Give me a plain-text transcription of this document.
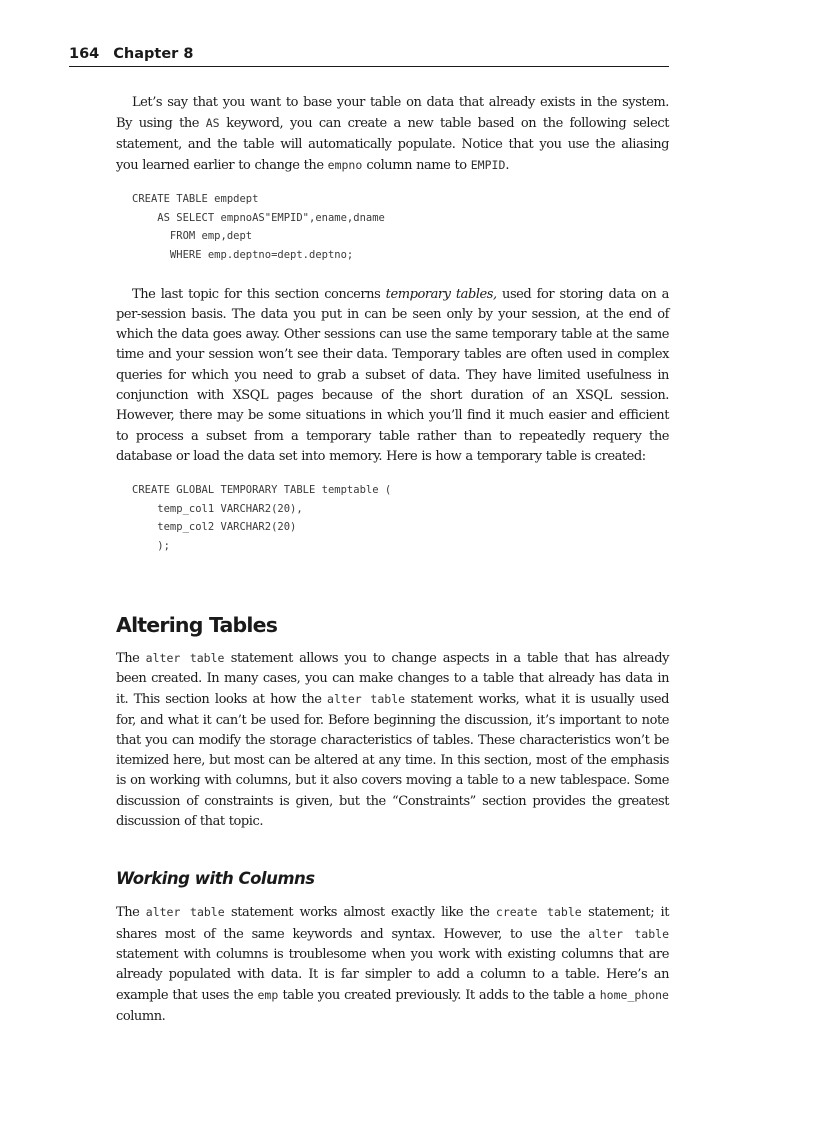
164 Chapter 8

Let’s say that you want to base your table on data that already exists in the system. By using the AS keyword, you can create a new table based on the following select statement, and the table will automatically populate. Notice that you use the aliasing you learned earlier to change the empno column name to EMPID.

CREATE TABLE empdept
AS SELECT empnoAS"EMPID",ename,dname
FROM emp,dept
WHERE emp.deptno=dept.deptno;

The last topic for this section concerns temporary tables, used for storing data on a per-session basis. The data you put in can be seen only by your session, at the end of which the data goes away. Other sessions can use the same temporary table at the same time and your session won’t see their data. Temporary tables are often used in complex queries for which you need to grab a subset of data. They have limited usefulness in conjunction with XSQL pages because of the short duration of an XSQL session. However, there may be some situations in which you’ll find it much easier and efficient to process a subset from a temporary table rather than to repeatedly requery the database or load the data set into memory. Here is how a temporary table is created:

CREATE GLOBAL TEMPORARY TABLE temptable (
temp_col1 VARCHAR2(20),
temp_col2 VARCHAR2(20)
);
Altering Tables

The alter table statement allows you to change aspects in a table that has already been created. In many cases, you can make changes to a table that already has data in it. This section looks at how the alter table statement works, what it is usually used for, and what it can’t be used for. Before beginning the discussion, it’s important to note that you can modify the storage characteristics of tables. These characteristics won’t be itemized here, but most can be altered at any time. In this section, most of the emphasis is on working with columns, but it also covers moving a table to a new tablespace. Some discussion of constraints is given, but the “Constraints” section provides the greatest discussion of that topic.

Working with Columns

The alter table statement works almost exactly like the create table statement; it shares most of the same keywords and syntax. However, to use the alter table statement with columns is troublesome when you work with existing columns that are already populated with data. It is far simpler to add a column to a table. Here’s an example that uses the emp table you created previously. It adds to the table a home_phone column.
